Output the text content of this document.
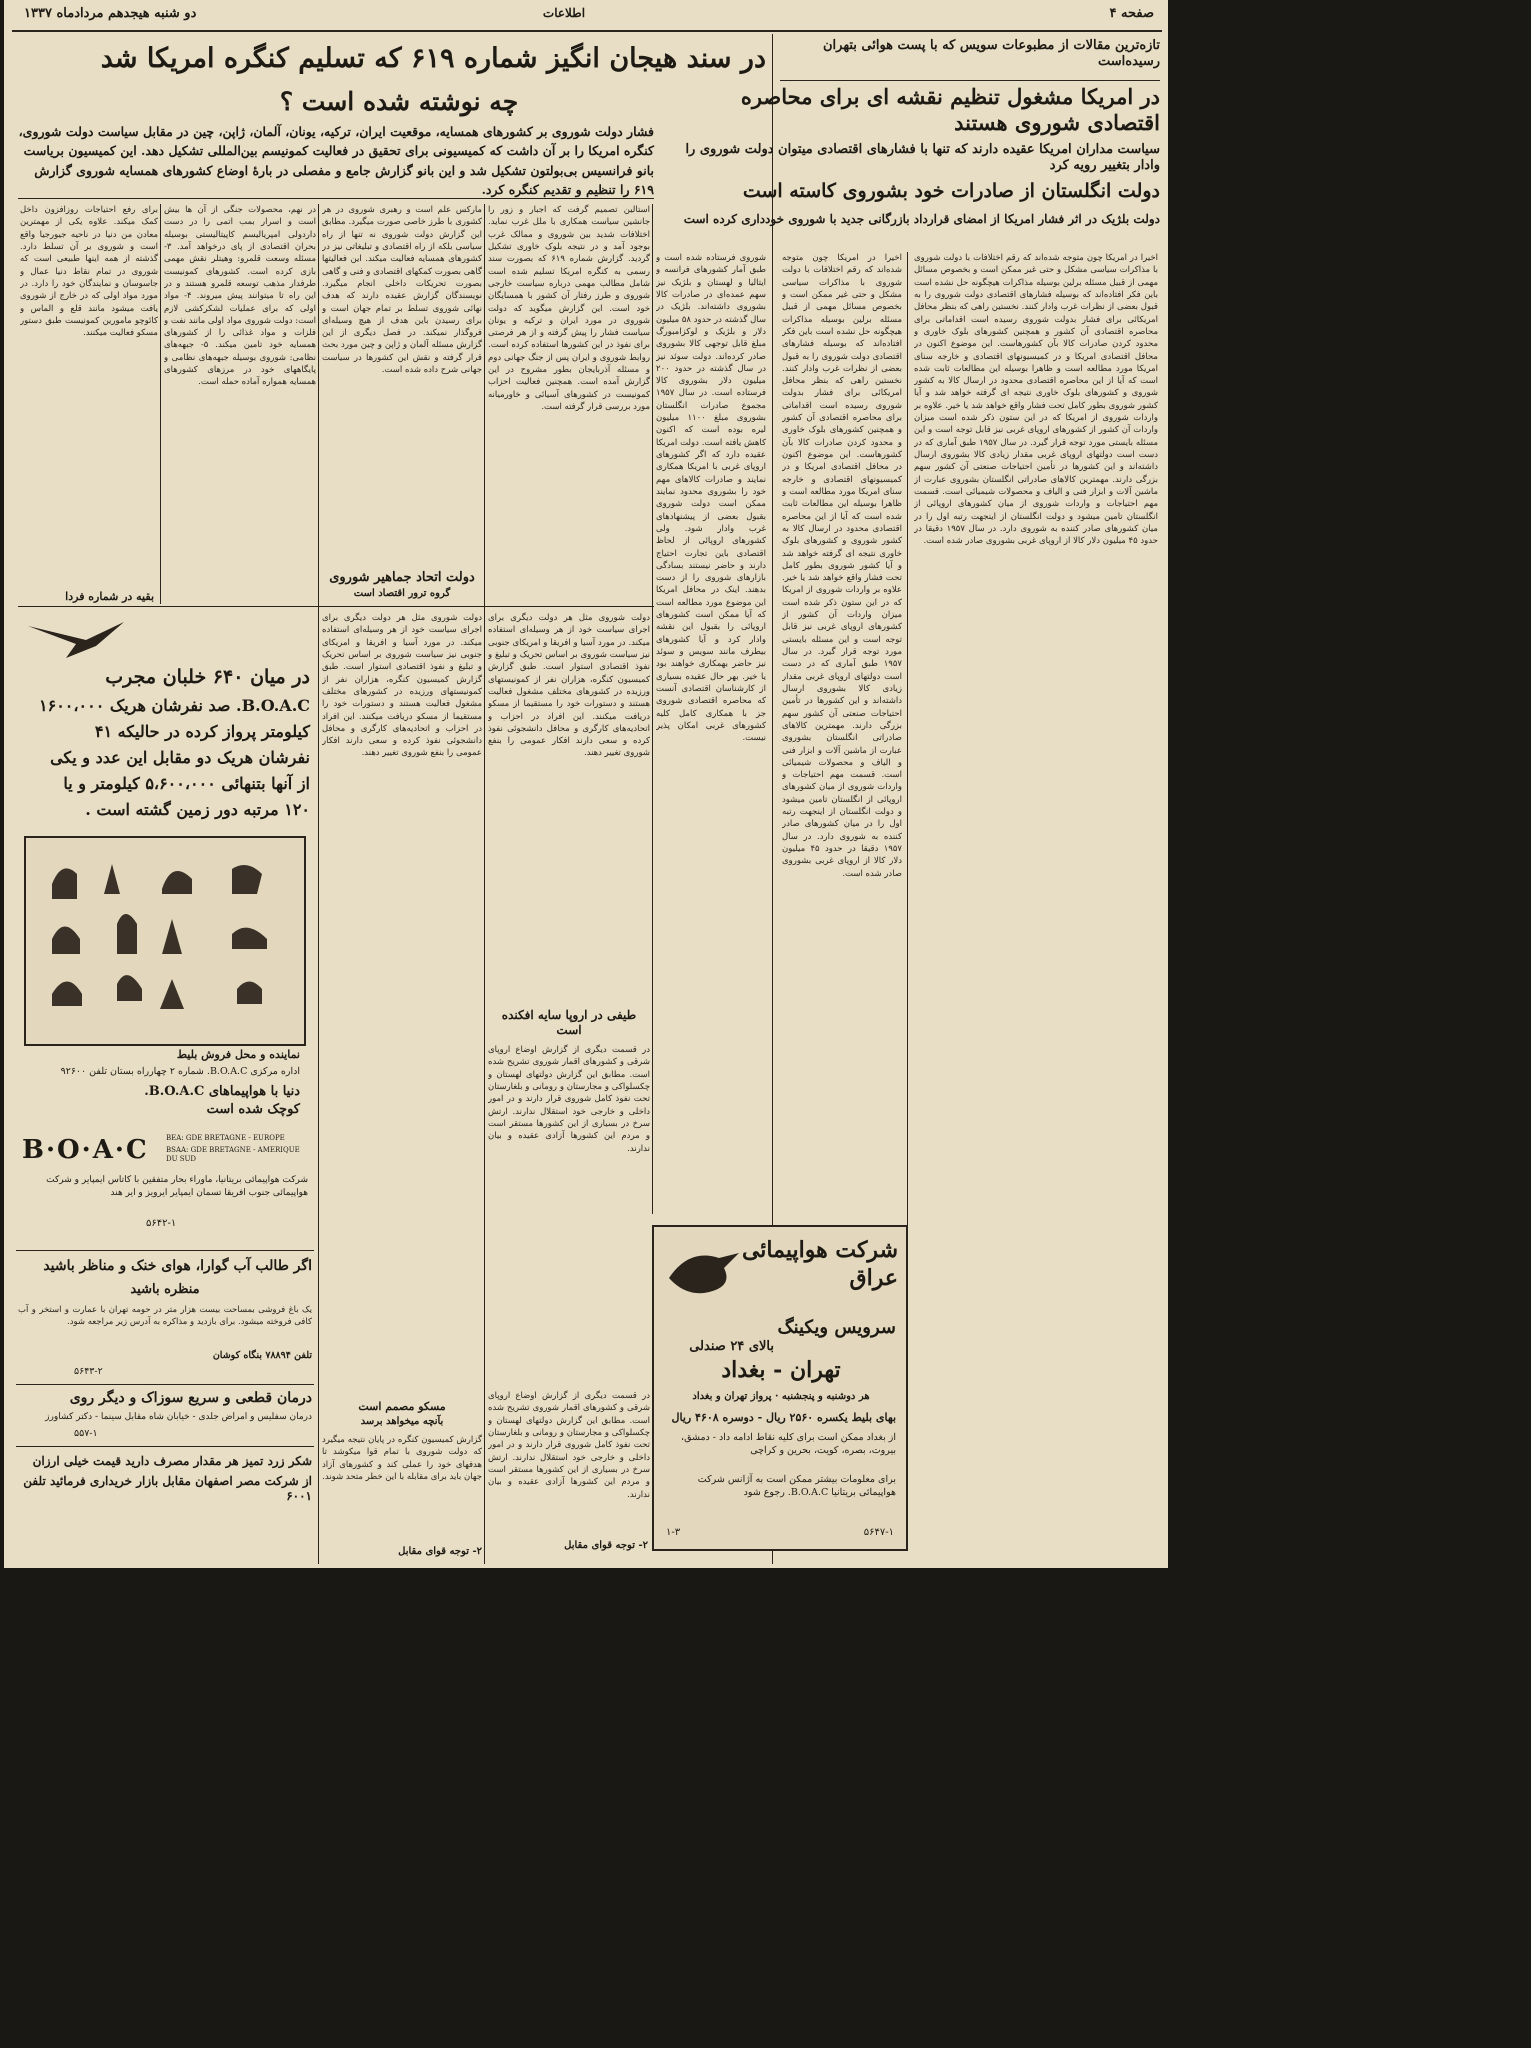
صفحه ۴
اطلاعات
دو شنبه هیجدهم مردادماه ۱۳۳۷
تازه‌ترین مقالات از مطبوعات سویس که با پست هوائی بتهران رسیده‌است
در امریکا مشغول تنظیم نقشه ای برای محاصره اقتصادی شوروی هستند
سیاست مداران امریکا عقیده دارند که تنها با فشارهای اقتصادی میتوان دولت شوروی را وادار بتغییر رویه کرد
دولت انگلستان از صادرات خود بشوروی کاسته است
دولت بلژیک در اثر فشار امریکا از امضای قرارداد بازرگانی جدید با شوروی خودداری کرده است
اخیرا در امریکا چون متوجه شده‌اند که رقم اختلافات با دولت شوروی با مذاکرات سیاسی مشکل و حتی غیر ممکن است و بخصوص مسائل مهمی از قبیل مسئله برلین بوسیله مذاکرات هیچگونه حل نشده است باین فکر افتاده‌اند که بوسیله فشارهای اقتصادی دولت شوروی را به قبول بعضی از نظرات غرب وادار کنند. نخستین راهی که بنظر محافل امریکائی برای فشار بدولت شوروی رسیده است اقداماتی برای محاصره اقتصادی آن کشور و همچنین کشورهای بلوک خاوری و محدود کردن صادرات کالا بآن کشورهاست. این موضوع اکنون در محافل اقتصادی امریکا و در کمیسیونهای اقتصادی و خارجه سنای امریکا مورد مطالعه است و ظاهرا بوسیله این مطالعات ثابت شده است که آیا از این محاصره اقتصادی محدود در ارسال کالا به کشور شوروی و کشورهای بلوک خاوری نتیجه ای گرفته خواهد شد و آیا کشور شوروی بطور کامل تحت فشار واقع خواهد شد یا خیر. علاوه بر واردات شوروی از امریکا که در این ستون ذکر شده است میزان واردات آن کشور از کشورهای اروپای غربی نیز قابل توجه است و این مسئله بایستی مورد توجه قرار گیرد. در سال ۱۹۵۷ طبق آماری که در دست است دولتهای اروپای غربی مقدار زیادی کالا بشوروی ارسال داشته‌اند و این کشورها در تأمین احتیاجات صنعتی آن کشور سهم بزرگی دارند. مهمترین کالاهای صادراتی انگلستان بشوروی عبارت از ماشین آلات و ابزار فنی و الیاف و محصولات شیمیائی است. قسمت مهم احتیاجات و واردات شوروی از میان کشورهای اروپائی از انگلستان تامین میشود و دولت انگلستان از اینجهت رتبه اول را در میان کشورهای صادر کننده به شوروی دارد. در سال ۱۹۵۷ دقیقا در حدود ۴۵ میلیون دلار کالا از اروپای غربی بشوروی صادر شده است.
اخیرا در امریکا چون متوجه شده‌اند که رقم اختلافات با دولت شوروی با مذاکرات سیاسی مشکل و حتی غیر ممکن است و بخصوص مسائل مهمی از قبیل مسئله برلین بوسیله مذاکرات هیچگونه حل نشده است باین فکر افتاده‌اند که بوسیله فشارهای اقتصادی دولت شوروی را به قبول بعضی از نظرات غرب وادار کنند. نخستین راهی که بنظر محافل امریکائی برای فشار بدولت شوروی رسیده است اقداماتی برای محاصره اقتصادی آن کشور و همچنین کشورهای بلوک خاوری و محدود کردن صادرات کالا بآن کشورهاست. این موضوع اکنون در محافل اقتصادی امریکا و در کمیسیونهای اقتصادی و خارجه سنای امریکا مورد مطالعه است و ظاهرا بوسیله این مطالعات ثابت شده است که آیا از این محاصره اقتصادی محدود در ارسال کالا به کشور شوروی و کشورهای بلوک خاوری نتیجه ای گرفته خواهد شد و آیا کشور شوروی بطور کامل تحت فشار واقع خواهد شد یا خیر. علاوه بر واردات شوروی از امریکا که در این ستون ذکر شده است میزان واردات آن کشور از کشورهای اروپای غربی نیز قابل توجه است و این مسئله بایستی مورد توجه قرار گیرد. در سال ۱۹۵۷ طبق آماری که در دست است دولتهای اروپای غربی مقدار زیادی کالا بشوروی ارسال داشته‌اند و این کشورها در تأمین احتیاجات صنعتی آن کشور سهم بزرگی دارند. مهمترین کالاهای صادراتی انگلستان بشوروی عبارت از ماشین آلات و ابزار فنی و الیاف و محصولات شیمیائی است. قسمت مهم احتیاجات و واردات شوروی از میان کشورهای اروپائی از انگلستان تامین میشود و دولت انگلستان از اینجهت رتبه اول را در میان کشورهای صادر کننده به شوروی دارد. در سال ۱۹۵۷ دقیقا در حدود ۴۵ میلیون دلار کالا از اروپای غربی بشوروی صادر شده است.
شوروی فرستاده شده است و طبق آمار کشورهای فرانسه و ایتالیا و لهستان و بلژیک نیز سهم عمده‌ای در صادرات کالا بشوروی داشته‌اند. بلژیک در سال گذشته در حدود ۵۸ میلیون دلار و بلژیک و لوکزامبورگ مبلغ قابل توجهی کالا بشوروی صادر کرده‌اند. دولت سوئد نیز در سال گذشته در حدود ۲۰۰ میلیون دلار بشوروی کالا فرستاده است. در سال ۱۹۵۷ مجموع صادرات انگلستان بشوروی مبلغ ۱۱۰۰ میلیون لیره بوده است که اکنون کاهش یافته است. دولت امریکا عقیده دارد که اگر کشورهای اروپای غربی با امریکا همکاری نمایند و صادرات کالاهای مهم خود را بشوروی محدود نمایند ممکن است دولت شوروی بقبول بعضی از پیشنهادهای غرب وادار شود. ولی کشورهای اروپائی از لحاظ اقتصادی باین تجارت احتیاج دارند و حاضر نیستند بسادگی بازارهای شوروی را از دست بدهند. اینک در محافل امریکا این موضوع مورد مطالعه است که آیا ممکن است کشورهای اروپائی را بقبول این نقشه وادار کرد و آیا کشورهای بیطرف مانند سویس و سوئد نیز حاضر بهمکاری خواهند بود یا خیر. بهر حال عقیده بسیاری از کارشناسان اقتصادی آنست که محاصره اقتصادی شوروی جز با همکاری کامل کلیه کشورهای غربی امکان پذیر نیست.
شرکت هواپیمائی عراق
سرویس ویکینگ
بالای ۲۴ صندلی
تهران - بغداد
هر دوشنبه و پنجشنبه · پرواز تهران و بغداد
بهای بلیط یکسره ۲۵۶۰ ریال - دوسره ۴۶۰۸ ریال
از بغداد ممکن است برای کلیه نقاط ادامه داد - دمشق، بیروت، بصره، کویت، بحرین و کراچی
برای معلومات بیشتر ممکن است به آژانس شرکت هواپیمائی بریتانیا B.O.A.C. رجوع شود
۱-۳	۵۶۴۷-۱
در سند هیجان انگیز شماره ۶۱۹ که تسلیم کنگره امریکا شد
چه نوشته شده است ؟
فشار دولت شوروی بر کشورهای همسایه، موقعیت ایران، ترکیه، یونان، آلمان، ژاپن، چین در مقابل سیاست دولت شوروی، کنگره امریکا را بر آن داشت که کمیسیونی برای تحقیق در فعالیت کمونیسم بین‌المللی تشکیل دهد. این کمیسیون بریاست بانو فرانسیس بی‌بولتون تشکیل شد و این بانو گزارش جامع و مفصلی در بارهٔ اوضاع کشورهای همسایه شوروی گزارش ۶۱۹ را تنظیم و تقدیم کنگره کرد.
استالین تصمیم گرفت که اجبار و زور را جانشین سیاست همکاری با ملل غرب نماید. اختلافات شدید بین شوروی و ممالک غرب بوجود آمد و در نتیجه بلوک خاوری تشکیل گردید. گزارش شماره ۶۱۹ که بصورت سند رسمی به کنگره امریکا تسلیم شده است شامل مطالب مهمی درباره سیاست خارجی شوروی و طرز رفتار آن کشور با همسایگان خود است. این گزارش میگوید که دولت شوروی در مورد ایران و ترکیه و یونان سیاست فشار را پیش گرفته و از هر فرصتی برای نفوذ در این کشورها استفاده کرده است. روابط شوروی و ایران پس از جنگ جهانی دوم و مسئله آذربایجان بطور مشروح در این گزارش آمده است. همچنین فعالیت احزاب کمونیست در کشورهای آسیائی و خاورمیانه مورد بررسی قرار گرفته است.
مارکس علم است و رهبری شوروی در هر کشوری با طرز خاصی صورت میگیرد. مطابق این گزارش دولت شوروی نه تنها از راه سیاسی بلکه از راه اقتصادی و تبلیغاتی نیز در کشورهای همسایه فعالیت میکند. این فعالیتها گاهی بصورت کمکهای اقتصادی و فنی و گاهی بصورت تحریکات داخلی انجام میگیرد. نویسندگان گزارش عقیده دارند که هدف نهائی شوروی تسلط بر تمام جهان است و برای رسیدن باین هدف از هیچ وسیله‌ای فروگذار نمیکند. در فصل دیگری از این گزارش مسئله آلمان و ژاپن و چین مورد بحث قرار گرفته و نقش این کشورها در سیاست جهانی شرح داده شده است.
در نهم، محصولات جنگی از آن ها بیش است و اسرار بمب اتمی را در دست داردولی امپریالیسم کاپیتالیستی بوسیله بحران اقتصادی از پای درخواهد آمد. ۳- مسئله وسعت قلمرو: وهیتلر نقش مهمی بازی کرده است. کشورهای کمونیست طرفدار مذهب توسعه قلمرو هستند و در این راه تا میتوانند پیش میروند. ۴- مواد اولی که برای عملیات لشکرکشی لازم است: دولت شوروی مواد اولی مانند نفت و فلزات و مواد غذائی را از کشورهای همسایه خود تامین میکند. ۵- جبهه‌های نظامی: شوروی بوسیله جبهه‌های نظامی و پایگاههای خود در مرزهای کشورهای همسایه همواره آماده حمله است.
برای رفع احتیاجات روزافزون داخل کمک میکند. علاوه یکی از مهمترین معادن من دنیا در ناحیه جیورجیا واقع است و شوروی بر آن تسلط دارد. گذشته از همه اینها طبیعی است که شوروی در تمام نقاط دنیا عمال و جاسوسان و نمایندگان خود را دارد. در مورد مواد اولی که در خارج از شوروی یافت میشود مانند قلع و الماس و کائوچو مامورین کمونیست طبق دستور مسکو فعالیت میکنند.
بقیه در شماره فردا
دولت اتحاد جماهیر شوروی
گروه ترور اقتصاد است
دولت شوروی مثل هر دولت دیگری برای اجرای سیاست خود از هر وسیله‌ای استفاده میکند. در مورد آسیا و افریقا و امریکای جنوبی نیز سیاست شوروی بر اساس تحریک و تبلیغ و نفوذ اقتصادی استوار است. طبق گزارش کمیسیون کنگره، هزاران نفر از کمونیستهای ورزیده در کشورهای مختلف مشغول فعالیت هستند و دستورات خود را مستقیما از مسکو دریافت میکنند. این افراد در احزاب و اتحادیه‌های کارگری و محافل دانشجوئی نفوذ کرده و سعی دارند افکار عمومی را بنفع شوروی تغییر دهند.
دولت شوروی مثل هر دولت دیگری برای اجرای سیاست خود از هر وسیله‌ای استفاده میکند. در مورد آسیا و افریقا و امریکای جنوبی نیز سیاست شوروی بر اساس تحریک و تبلیغ و نفوذ اقتصادی استوار است. طبق گزارش کمیسیون کنگره، هزاران نفر از کمونیستهای ورزیده در کشورهای مختلف مشغول فعالیت هستند و دستورات خود را مستقیما از مسکو دریافت میکنند. این افراد در احزاب و اتحادیه‌های کارگری و محافل دانشجوئی نفوذ کرده و سعی دارند افکار عمومی را بنفع شوروی تغییر دهند.
طیفی در اروپا سایه افکنده است
در قسمت دیگری از گزارش اوضاع اروپای شرقی و کشورهای اقمار شوروی تشریح شده است. مطابق این گزارش دولتهای لهستان و چکسلواکی و مجارستان و رومانی و بلغارستان تحت نفوذ کامل شوروی قرار دارند و در امور داخلی و خارجی خود استقلال ندارند. ارتش سرخ در بسیاری از این کشورها مستقر است و مردم این کشورها آزادی عقیده و بیان ندارند.
مسکو مصمم است
بآنچه میخواهد برسد
گزارش کمیسیون کنگره در پایان نتیجه میگیرد که دولت شوروی با تمام قوا میکوشد تا هدفهای خود را عملی کند و کشورهای آزاد جهان باید برای مقابله با این خطر متحد شوند.
در قسمت دیگری از گزارش اوضاع اروپای شرقی و کشورهای اقمار شوروی تشریح شده است. مطابق این گزارش دولتهای لهستان و چکسلواکی و مجارستان و رومانی و بلغارستان تحت نفوذ کامل شوروی قرار دارند و در امور داخلی و خارجی خود استقلال ندارند. ارتش سرخ در بسیاری از این کشورها مستقر است و مردم این کشورها آزادی عقیده و بیان ندارند.
۲- توجه قوای مقابل
۲- توجه قوای مقابل
در میان ۶۴۰ خلبان مجرب
B.O.A.C. صد نفرشان هریک ۱۶۰۰،۰۰۰
کیلومتر پرواز کرده در حالیکه ۴۱
نفرشان هریک دو مقابل این عدد و یکی
از آنها بتنهائی ۵،۶۰۰،۰۰۰ کیلومتر و یا
۱۲۰ مرتبه دور زمین گشته است .
نماینده و محل فروش بلیط
اداره مرکزی B.O.A.C. شماره ۲ چهارراه بستان تلفن ۹۲۶۰۰
دنیا با هواپیماهای B.O.A.C.
کوچک شده است
B·O·A·C	BEA: GDE BRETAGNE - EUROPE
BSAA: GDE BRETAGNE - AMERIQUE DU SUD
شرکت هواپیمائی بریتانیا، ماوراء بحار متفقین با کاتاس ایمپایر و شرکت هواپیمائی جنوب افریقا تسمان ایمپایر ایرویز و ایر هند
۵۶۴۲-۱
اگر طالب آب گوارا، هوای خنک و مناظر باشید
منظره باشید
یک باغ فروشی بمساحت بیست هزار متر در حومه تهران با عمارت و استخر و آب کافی فروخته میشود. برای بازدید و مذاکره به آدرس زیر مراجعه شود.
تلفن ۷۸۸۹۴ بنگاه کوشان
۵۶۴۳-۲
درمان قطعی و سریع سوزاک و دیگر روی
درمان سفلیس و امراض جلدی - خیابان شاه مقابل سینما - دکتر کشاورز
۵۵۷-۱
شکر زرد تمیز هر مقدار مصرف دارید قیمت خیلی ارزان
از شرکت مصر اصفهان مقابل بازار خریداری فرمائید تلفن ۶۰۰۱
